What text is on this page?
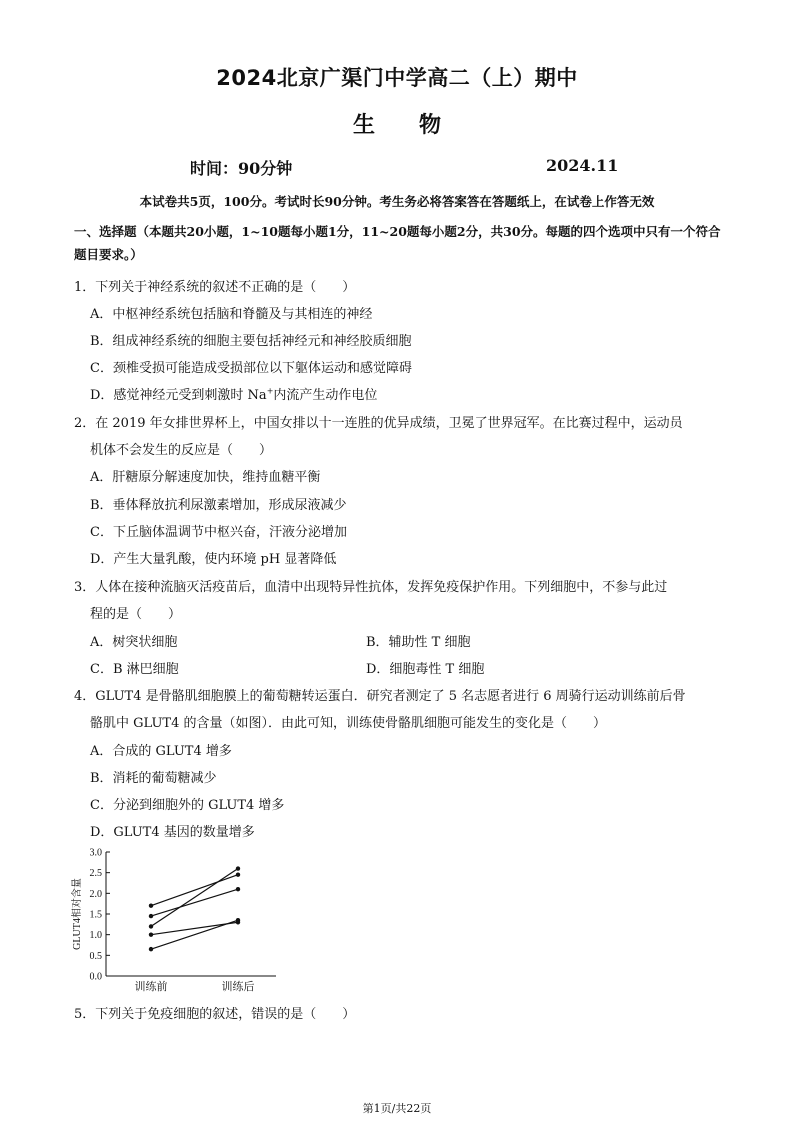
2024北京广渠门中学高二（上）期中
生 物
时间：90分钟	2024.11
本试卷共5页，100分。考试时长90分钟。考生务必将答案答在答题纸上，在试卷上作答无效
一、选择题（本题共20小题，1~10题每小题1分，11~20题每小题2分，共30分。每题的四个选项中只有一个符合题目要求。）
1．下列关于神经系统的叙述不正确的是（　　）
A．中枢神经系统包括脑和脊髓及与其相连的神经
B．组成神经系统的细胞主要包括神经元和神经胶质细胞
C．颈椎受损可能造成受损部位以下躯体运动和感觉障碍
D．感觉神经元受到刺激时 Na+内流产生动作电位
2．在 2019 年女排世界杯上，中国女排以十一连胜的优异成绩，卫冕了世界冠军。在比赛过程中，运动员
机体不会发生的反应是（　　）
A．肝糖原分解速度加快，维持血糖平衡
B．垂体释放抗利尿激素增加，形成尿液减少
C．下丘脑体温调节中枢兴奋，汗液分泌增加
D．产生大量乳酸，使内环境 pH 显著降低
3．人体在接种流脑灭活疫苗后，血清中出现特异性抗体，发挥免疫保护作用。下列细胞中，不参与此过
程的是（　　）
A．树突状细胞	B．辅助性 T 细胞
C．B 淋巴细胞	D．细胞毒性 T 细胞
4．GLUT4 是骨骼肌细胞膜上的葡萄糖转运蛋白．研究者测定了 5 名志愿者进行 6 周骑行运动训练前后骨
骼肌中 GLUT4 的含量（如图）．由此可知，训练使骨骼肌细胞可能发生的变化是（　　）
A．合成的 GLUT4 增多
B．消耗的葡萄糖减少
C．分泌到细胞外的 GLUT4 增多
D．GLUT4 基因的数量增多
0.0
0.5
1.0
1.5
2.0
2.5
3.0
训练前	训练后
GLUT4相对含量
5．下列关于免疫细胞的叙述，错误的是（　　）
第1页/共22页
